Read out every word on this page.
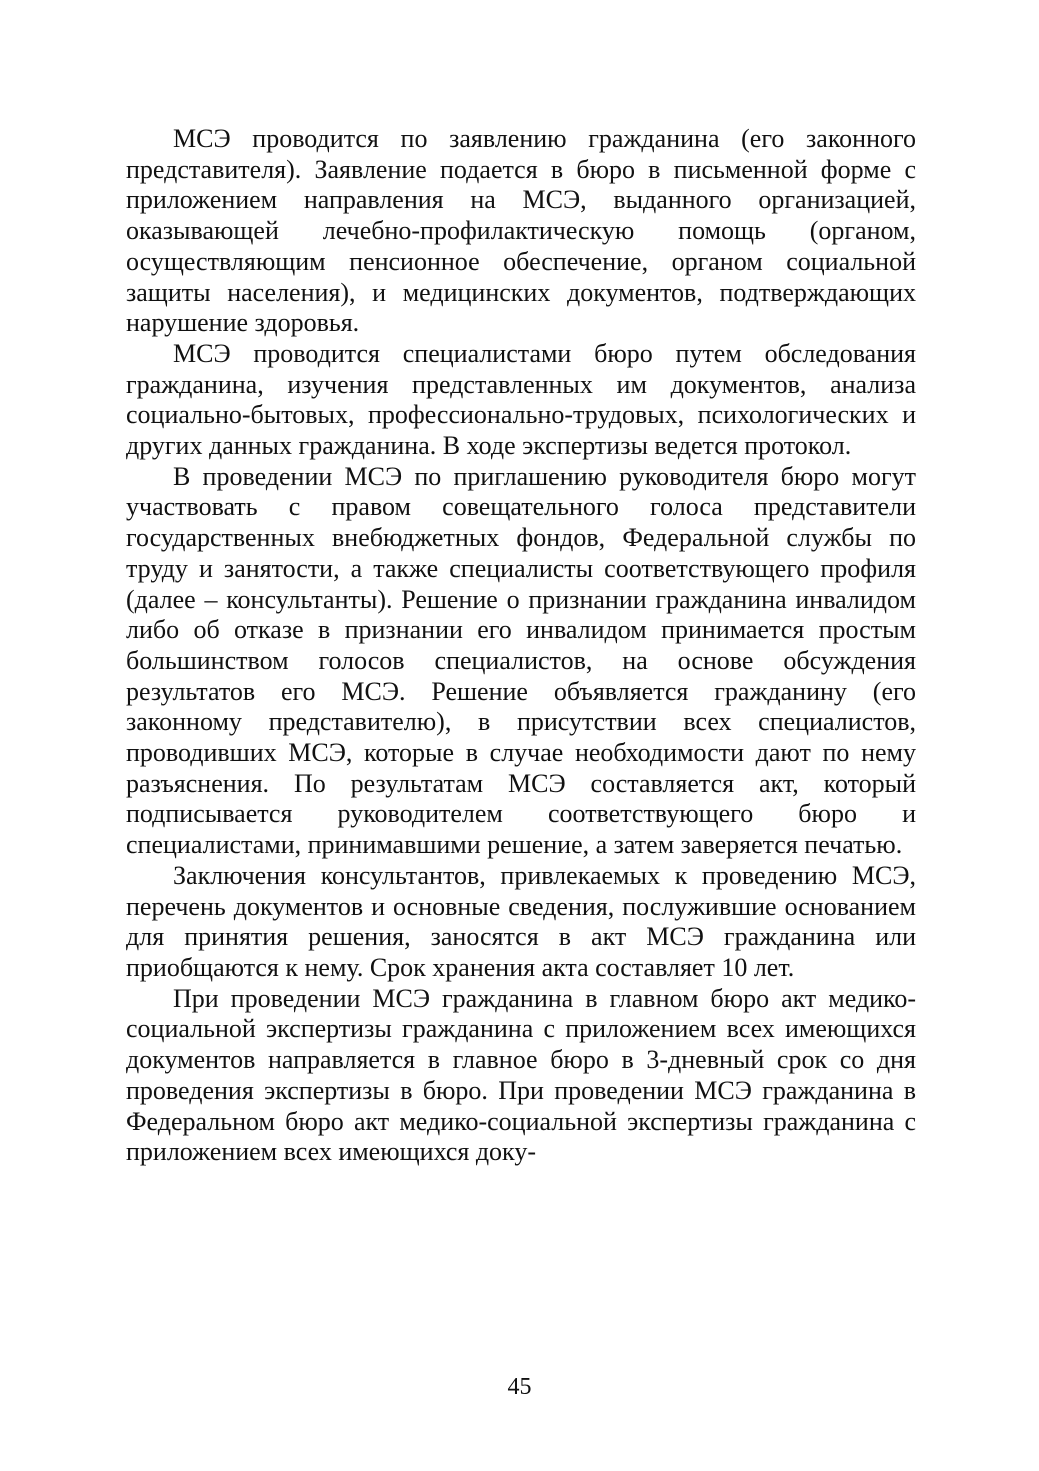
МСЭ проводится по заявлению гражданина (его законного представителя). Заявление подается в бюро в письменной форме с приложением направления на МСЭ, выданного организацией, оказывающей лечебно-профилактическую помощь (органом, осуществляющим пенсионное обеспечение, органом социальной защиты населения), и медицинских документов, подтверждающих нарушение здоровья.

МСЭ проводится специалистами бюро путем обследования гражданина, изучения представленных им документов, анализа социально-бытовых, профессионально-трудовых, психологических и других данных гражданина. В ходе экспертизы ведется протокол.

В проведении МСЭ по приглашению руководителя бюро могут участвовать с правом совещательного голоса представители государственных внебюджетных фондов, Федеральной службы по труду и занятости, а также специалисты соответствующего профиля (далее – консультанты). Решение о признании гражданина инвалидом либо об отказе в признании его инвалидом принимается простым большинством голосов специалистов, на основе обсуждения результатов его МСЭ. Решение объявляется гражданину (его законному представителю), в присутствии всех специалистов, проводивших МСЭ, которые в случае необходимости дают по нему разъяснения. По результатам МСЭ составляется акт, который подписывается руководителем соответствующего бюро и специалистами, принимавшими решение, а затем заверяется печатью.

Заключения консультантов, привлекаемых к проведению МСЭ, перечень документов и основные сведения, послужившие основанием для принятия решения, заносятся в акт МСЭ гражданина или приобщаются к нему. Срок хранения акта составляет 10 лет.

При проведении МСЭ гражданина в главном бюро акт медико-социальной экспертизы гражданина с приложением всех имеющихся документов направляется в главное бюро в 3-дневный срок со дня проведения экспертизы в бюро. При проведении МСЭ гражданина в Федеральном бюро акт медико-социальной экспертизы гражданина с приложением всех имеющихся доку-

45
